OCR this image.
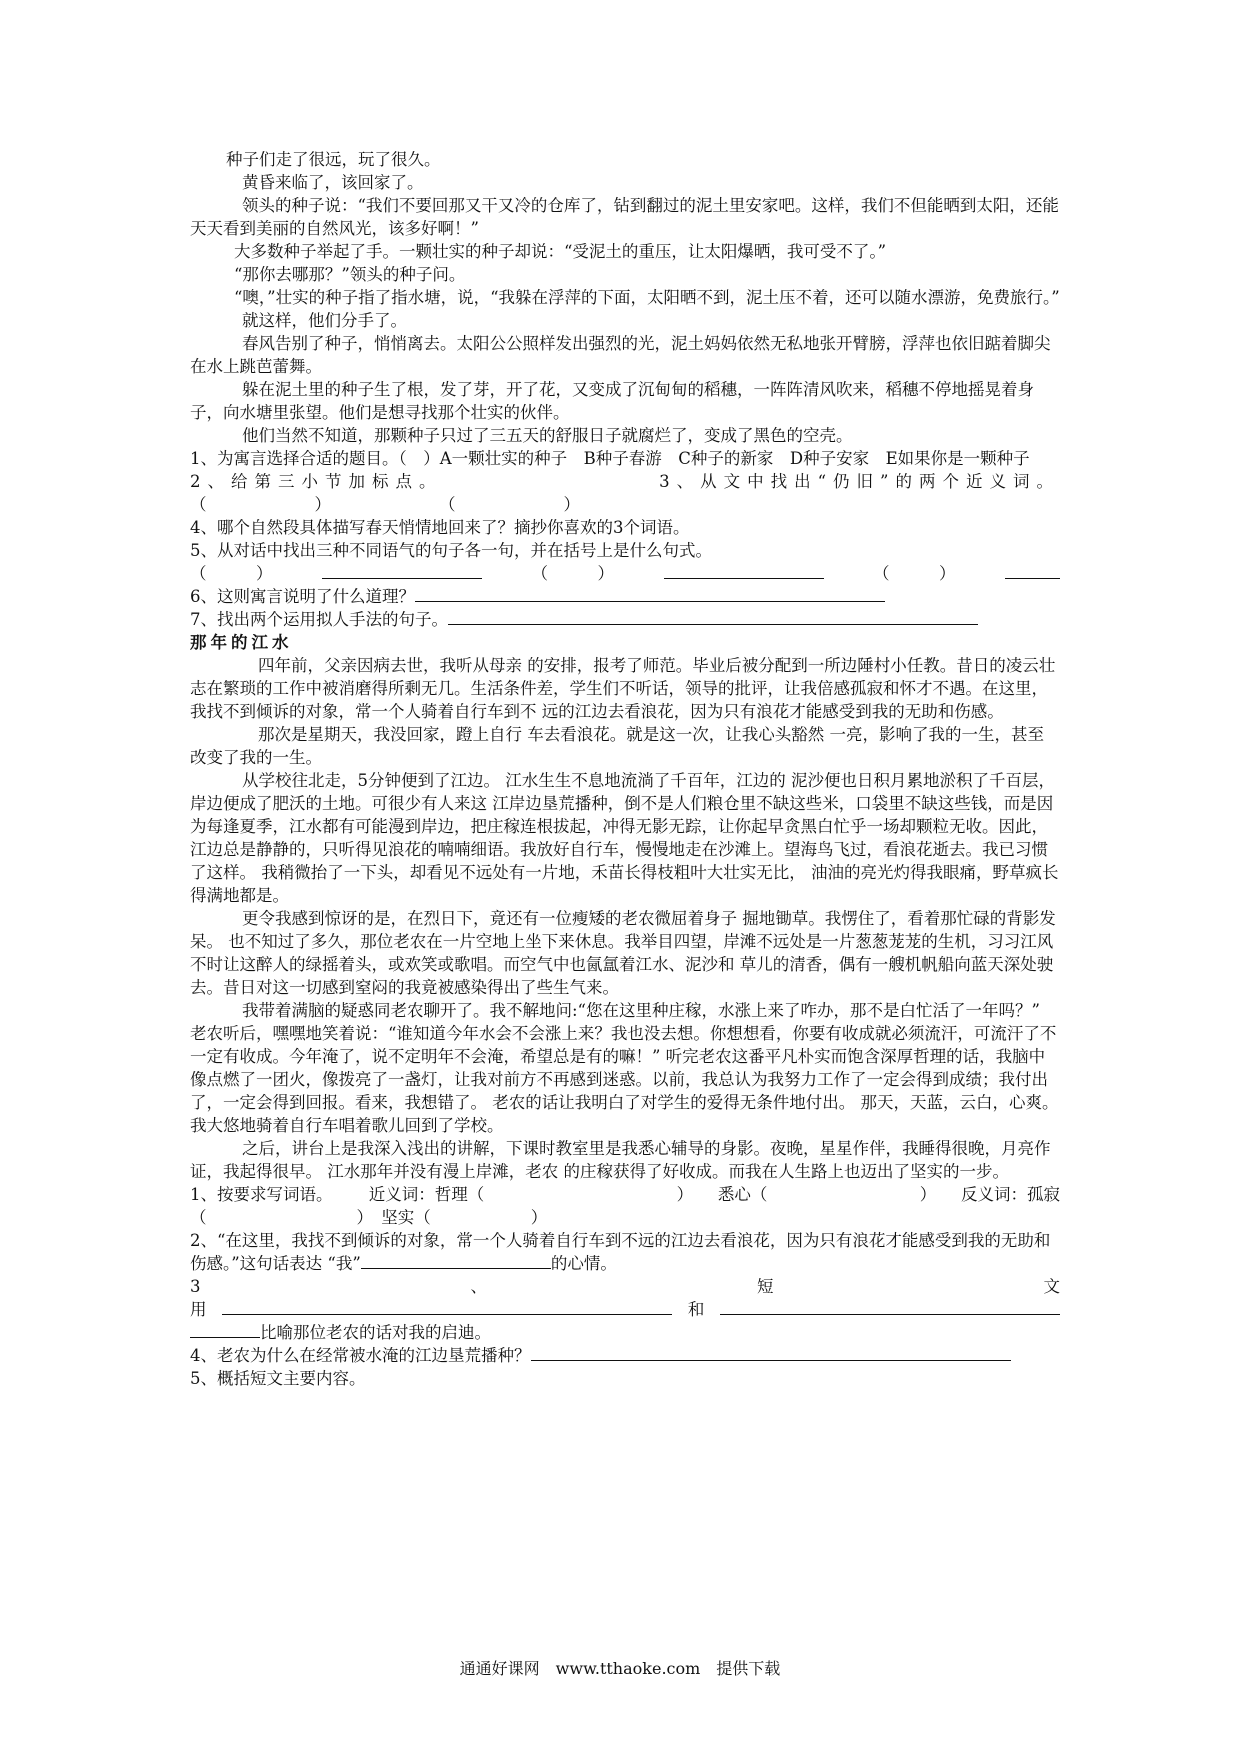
种子们走了很远，玩了很久。

黄昏来临了，该回家了。

领头的种子说：“我们不要回那又干又冷的仓库了，钻到翻过的泥土里安家吧。这样，我们不但能晒到太阳，还能天天看到美丽的自然风光，该多好啊！”

大多数种子举起了手。一颗壮实的种子却说：“受泥土的重压，让太阳爆晒，我可受不了。”

“那你去哪那？”领头的种子问。

“噢，”壮实的种子指了指水塘，说，“我躲在浮萍的下面，太阳晒不到，泥土压不着，还可以随水漂游，免费旅行。”

就这样，他们分手了。

春风告别了种子，悄悄离去。太阳公公照样发出强烈的光，泥土妈妈依然无私地张开臂膀，浮萍也依旧踮着脚尖在水上跳芭蕾舞。

躲在泥土里的种子生了根，发了芽，开了花，又变成了沉甸甸的稻穗，一阵阵清风吹来，稻穗不停地摇晃着身子，向水塘里张望。他们是想寻找那个壮实的伙伴。

他们当然不知道，那颗种子只过了三五天的舒服日子就腐烂了，变成了黑色的空壳。

1、为寓言选择合适的题目。（　）A一颗壮实的种子　B种子春游　C种子的新家　D种子安家　E如果你是一颗种子

2、给第三小节加标点。	3、从文中找出“仍旧”的两个近义词。
（	）	（	）

4、哪个自然段具体描写春天悄情地回来了？摘抄你喜欢的3个词语。

5、从对话中找出三种不同语气的句子各一句，并在括号上是什么句式。

（	）	（	）	（	）

6、这则寓言说明了什么道理？

7、找出两个运用拟人手法的句子。

那年的江水

四年前，父亲因病去世，我听从母亲 的安排，报考了师范。毕业后被分配到一所边陲村小任教。昔日的凌云壮志在繁琐的工作中被消磨得所剩无几。生活条件差，学生们不听话，领导的批评，让我倍感孤寂和怀才不遇。在这里，我找不到倾诉的对象，常一个人骑着自行车到不 远的江边去看浪花，因为只有浪花才能感受到我的无助和伤感。

那次是星期天，我没回家，蹬上自行 车去看浪花。就是这一次，让我心头豁然 一亮，影响了我的一生，甚至改变了我的一生。

从学校往北走，5分钟便到了江边。 江水生生不息地流淌了千百年，江边的 泥沙便也日积月累地淤积了千百层，岸边便成了肥沃的土地。可很少有人来这 江岸边垦荒播种，倒不是人们粮仓里不缺这些米，口袋里不缺这些钱，而是因为每逢夏季，江水都有可能漫到岸边，把庄稼连根拔起，冲得无影无踪，让你起早贪黑白忙乎一场却颗粒无收。因此，江边总是静静的，只听得见浪花的喃喃细语。我放好自行车，慢慢地走在沙滩上。望海鸟飞过，看浪花逝去。我已习惯了这样。 我稍微抬了一下头，却看见不远处有一片地，禾苗长得枝粗叶大壮实无比， 油油的亮光灼得我眼痛，野草疯长得满地都是。

更令我感到惊讶的是，在烈日下，竟还有一位瘦矮的老农微屈着身子 掘地锄草。我愣住了，看着那忙碌的背影发呆。 也不知过了多久，那位老农在一片空地上坐下来休息。我举目四望，岸滩不远处是一片葱葱茏茏的生机，习习江风 不时让这醉人的绿摇着头，或欢笑或歌唱。而空气中也氤氲着江水、泥沙和 草儿的清香，偶有一艘机帆船向蓝天深处驶去。昔日对这一切感到窒闷的我竟被感染得出了些生气来。

我带着满脑的疑惑同老农聊开了。我不解地问:“您在这里种庄稼，水涨上来了咋办，那不是白忙活了一年吗？” 老农听后，嘿嘿地笑着说：“谁知道今年水会不会涨上来？我也没去想。你想想看，你要有收成就必须流汗，可流汗了不一定有收成。今年淹了，说不定明年不会淹，希望总是有的嘛！” 听完老农这番平凡朴实而饱含深厚哲理的话，我脑中像点燃了一团火，像拨亮了一盏灯，让我对前方不再感到迷惑。以前，我总认为我努力工作了一定会得到成绩；我付出了，一定会得到回报。看来，我想错了。 老农的话让我明白了对学生的爱得无条件地付出。 那天，天蓝，云白，心爽。我大悠地骑着自行车唱着歌儿回到了学校。

之后，讲台上是我深入浅出的讲解，下课时教室里是我悉心辅导的身影。夜晚，星星作伴，我睡得很晚，月亮作证，我起得很早。 江水那年并没有漫上岸滩，老农 的庄稼获得了好收成。而我在人生路上也迈出了坚实的一步。

1、按要求写词语。 近义词：哲理（	）　　悉心（	）　　反义词：孤寂

（	）　坚实（	）

2、“在这里，我找不到倾诉的对象，常一个人骑着自行车到不远的江边去看浪花，因为只有浪花才能感受到我的无助和伤感。”这句话表达 “我”	的心情。

3	、	短	文
用	和

比喻那位老农的话对我的启迪。

4、老农为什么在经常被水淹的江边垦荒播种？

5、概括短文主要内容。

通通好课网　www.tthaoke.com　提供下载
